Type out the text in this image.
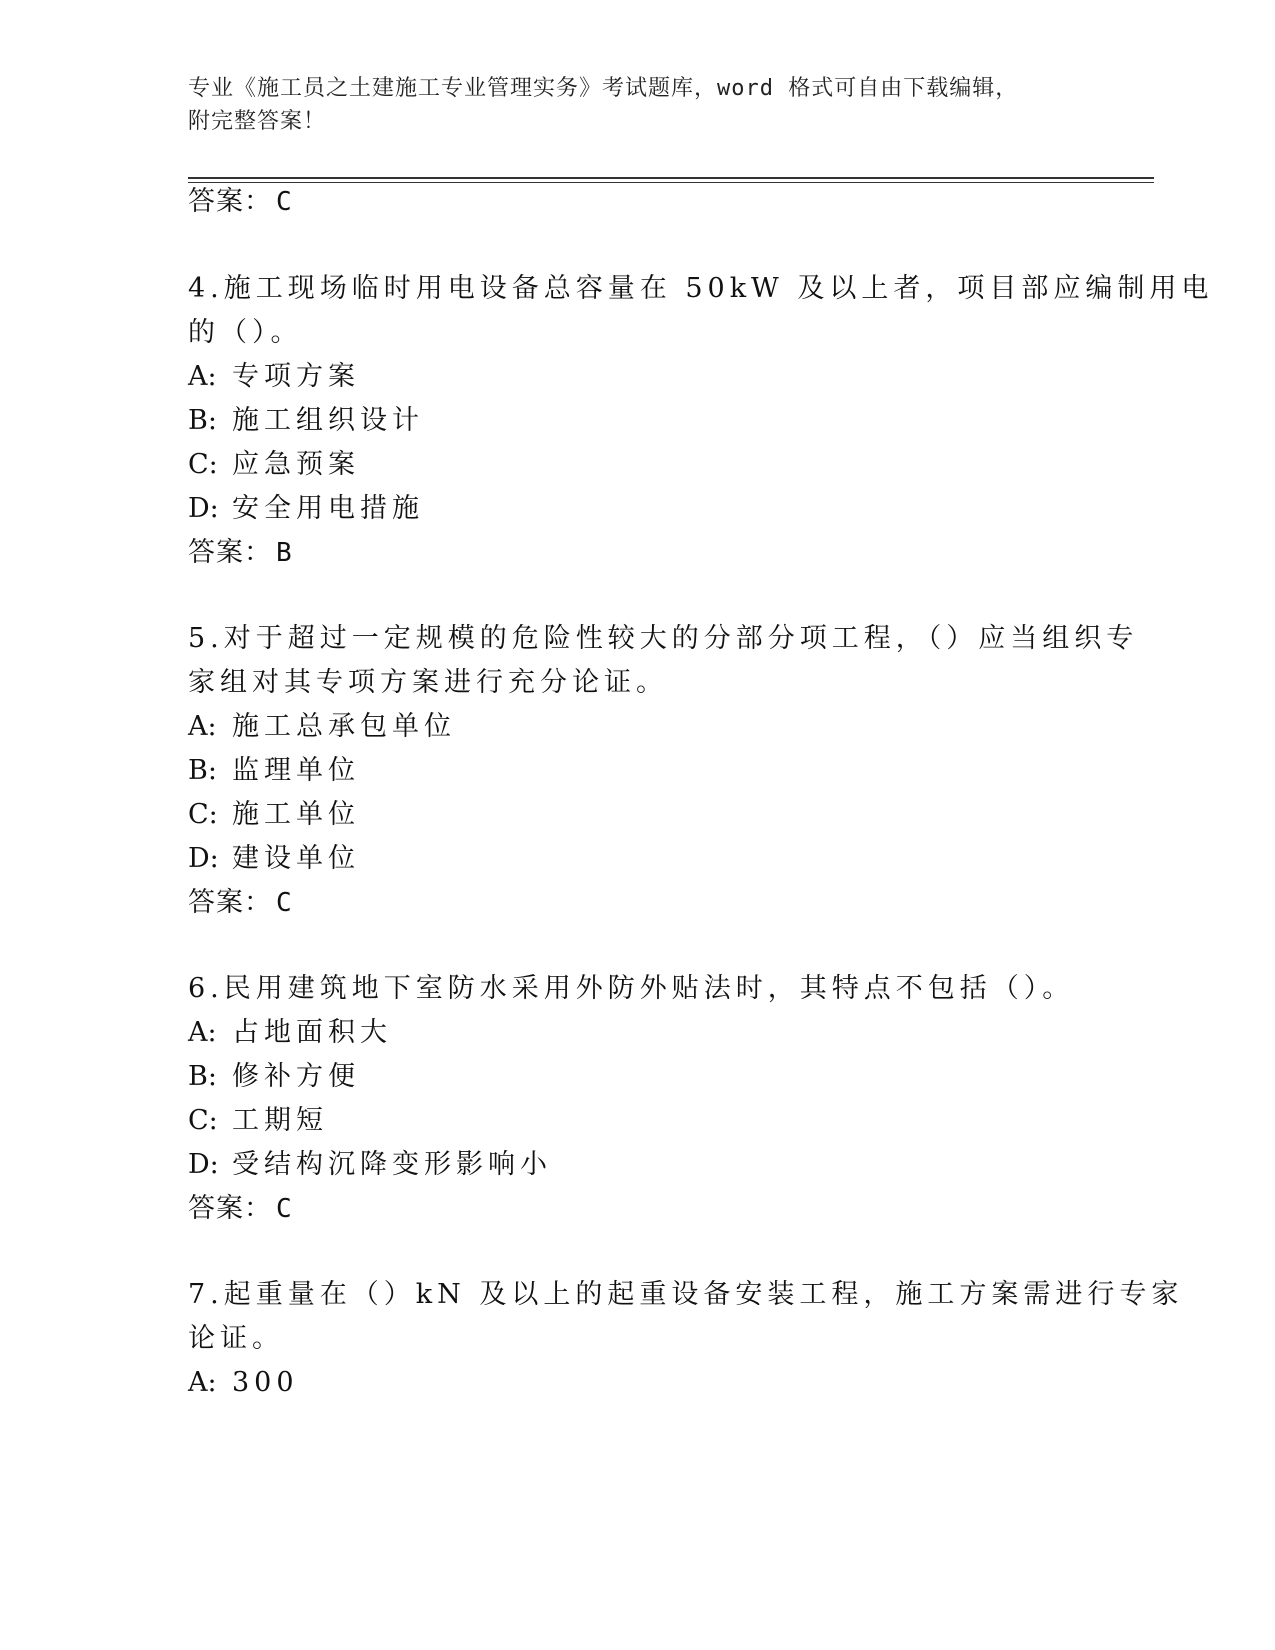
专业《施工员之土建施工专业管理实务》考试题库，word 格式可自由下载编辑，
附完整答案！
答案： C
4.施工现场临时用电设备总容量在 50kW 及以上者，项目部应编制用电
的（）。
A: 专项方案
B: 施工组织设计
C: 应急预案
D: 安全用电措施
答案： B
5.对于超过一定规模的危险性较大的分部分项工程，（）应当组织专
家组对其专项方案进行充分论证。
A: 施工总承包单位
B: 监理单位
C: 施工单位
D: 建设单位
答案： C
6.民用建筑地下室防水采用外防外贴法时，其特点不包括（）。
A: 占地面积大
B: 修补方便
C: 工期短
D: 受结构沉降变形影响小
答案： C
7.起重量在（）kN 及以上的起重设备安装工程，施工方案需进行专家
论证。
A: 300
